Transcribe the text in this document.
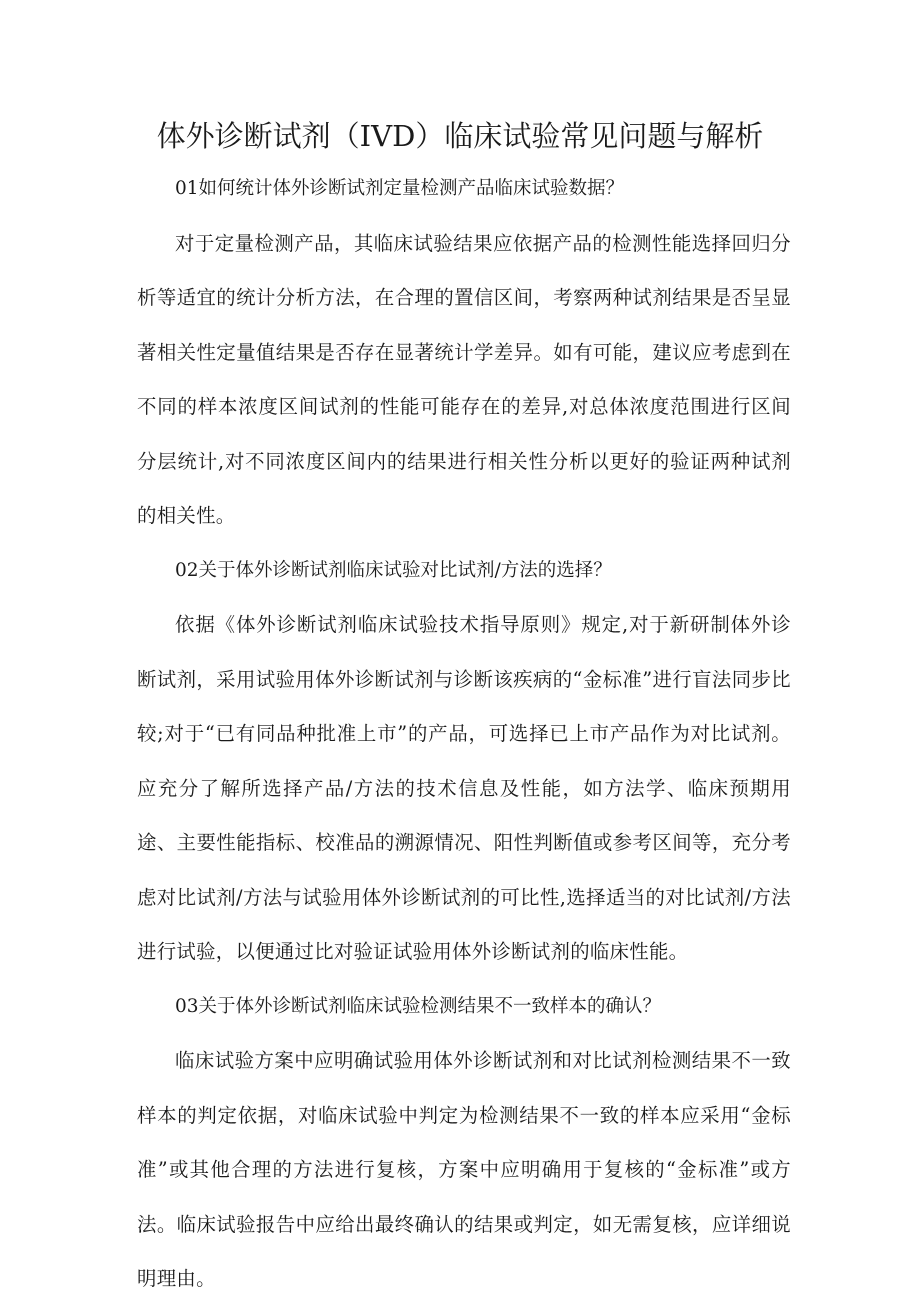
体外诊断试剂（IVD）临床试验常见问题与解析

01如何统计体外诊断试剂定量检测产品临床试验数据？

对于定量检测产品，其临床试验结果应依据产品的检测性能选择回归分析等适宜的统计分析方法，在合理的置信区间，考察两种试剂结果是否呈显著相关性定量值结果是否存在显著统计学差异。如有可能，建议应考虑到在不同的样本浓度区间试剂的性能可能存在的差异,对总体浓度范围进行区间分层统计,对不同浓度区间内的结果进行相关性分析以更好的验证两种试剂的相关性。

02关于体外诊断试剂临床试验对比试剂/方法的选择？

依据《体外诊断试剂临床试验技术指导原则》规定,对于新研制体外诊断试剂，采用试验用体外诊断试剂与诊断该疾病的“金标准”进行盲法同步比较;对于“已有同品种批准上市”的产品，可选择已上市产品作为对比试剂。应充分了解所选择产品/方法的技术信息及性能，如方法学、临床预期用途、主要性能指标、校准品的溯源情况、阳性判断值或参考区间等，充分考虑对比试剂/方法与试验用体外诊断试剂的可比性,选择适当的对比试剂/方法进行试验，以便通过比对验证试验用体外诊断试剂的临床性能。

03关于体外诊断试剂临床试验检测结果不一致样本的确认？

临床试验方案中应明确试验用体外诊断试剂和对比试剂检测结果不一致样本的判定依据，对临床试验中判定为检测结果不一致的样本应采用“金标准”或其他合理的方法进行复核，方案中应明确用于复核的“金标准”或方法。临床试验报告中应给出最终确认的结果或判定，如无需复核，应详细说明理由。
